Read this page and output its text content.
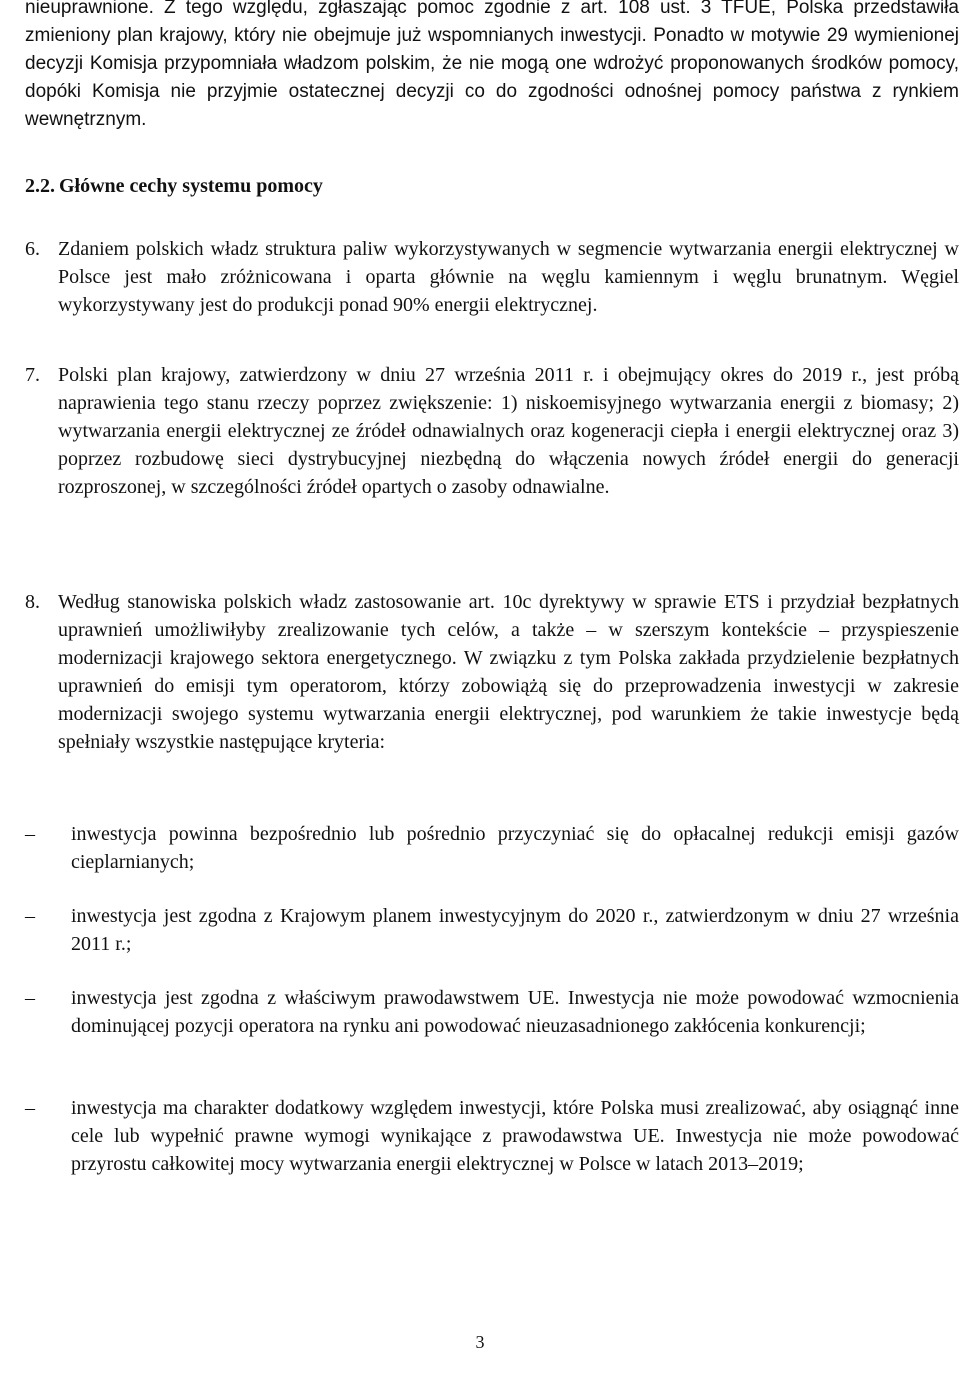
nieuprawnione. Z tego względu, zgłaszając pomoc zgodnie z art. 108 ust. 3 TFUE, Polska przedstawiła zmieniony plan krajowy, który nie obejmuje już wspomnianych inwestycji. Ponadto w motywie 29 wymienionej decyzji Komisja przypomniała władzom polskim, że nie mogą one wdrożyć proponowanych środków pomocy, dopóki Komisja nie przyjmie ostatecznej decyzji co do zgodności odnośnej pomocy państwa z rynkiem wewnętrznym.

2.2. Główne cechy systemu pomocy
6. Zdaniem polskich władz struktura paliw wykorzystywanych w segmencie wytwarzania energii elektrycznej w Polsce jest mało zróżnicowana i oparta głównie na węglu kamiennym i węglu brunatnym. Węgiel wykorzystywany jest do produkcji ponad 90% energii elektrycznej.
7. Polski plan krajowy, zatwierdzony w dniu 27 września 2011 r. i obejmujący okres do 2019 r., jest próbą naprawienia tego stanu rzeczy poprzez zwiększenie: 1) niskoemisyjnego wytwarzania energii z biomasy; 2) wytwarzania energii elektrycznej ze źródeł odnawialnych oraz kogeneracji ciepła i energii elektrycznej oraz 3) poprzez rozbudowę sieci dystrybucyjnej niezbędną do włączenia nowych źródeł energii do generacji rozproszonej, w szczególności źródeł opartych o zasoby odnawialne.
8. Według stanowiska polskich władz zastosowanie art. 10c dyrektywy w sprawie ETS i przydział bezpłatnych uprawnień umożliwiłyby zrealizowanie tych celów, a także – w szerszym kontekście – przyspieszenie modernizacji krajowego sektora energetycznego. W związku z tym Polska zakłada przydzielenie bezpłatnych uprawnień do emisji tym operatorom, którzy zobowiążą się do przeprowadzenia inwestycji w zakresie modernizacji swojego systemu wytwarzania energii elektrycznej, pod warunkiem że takie inwestycje będą spełniały wszystkie następujące kryteria:
–	inwestycja powinna bezpośrednio lub pośrednio przyczyniać się do opłacalnej redukcji emisji gazów cieplarnianych;
–	inwestycja jest zgodna z Krajowym planem inwestycyjnym do 2020 r., zatwierdzonym w dniu 27 września 2011 r.;
–	inwestycja jest zgodna z właściwym prawodawstwem UE. Inwestycja nie może powodować wzmocnienia dominującej pozycji operatora na rynku ani powodować nieuzasadnionego zakłócenia konkurencji;
–	inwestycja ma charakter dodatkowy względem inwestycji, które Polska musi zrealizować, aby osiągnąć inne cele lub wypełnić prawne wymogi wynikające z prawodawstwa UE. Inwestycja nie może powodować przyrostu całkowitej mocy wytwarzania energii elektrycznej w Polsce w latach 2013–2019;
3
